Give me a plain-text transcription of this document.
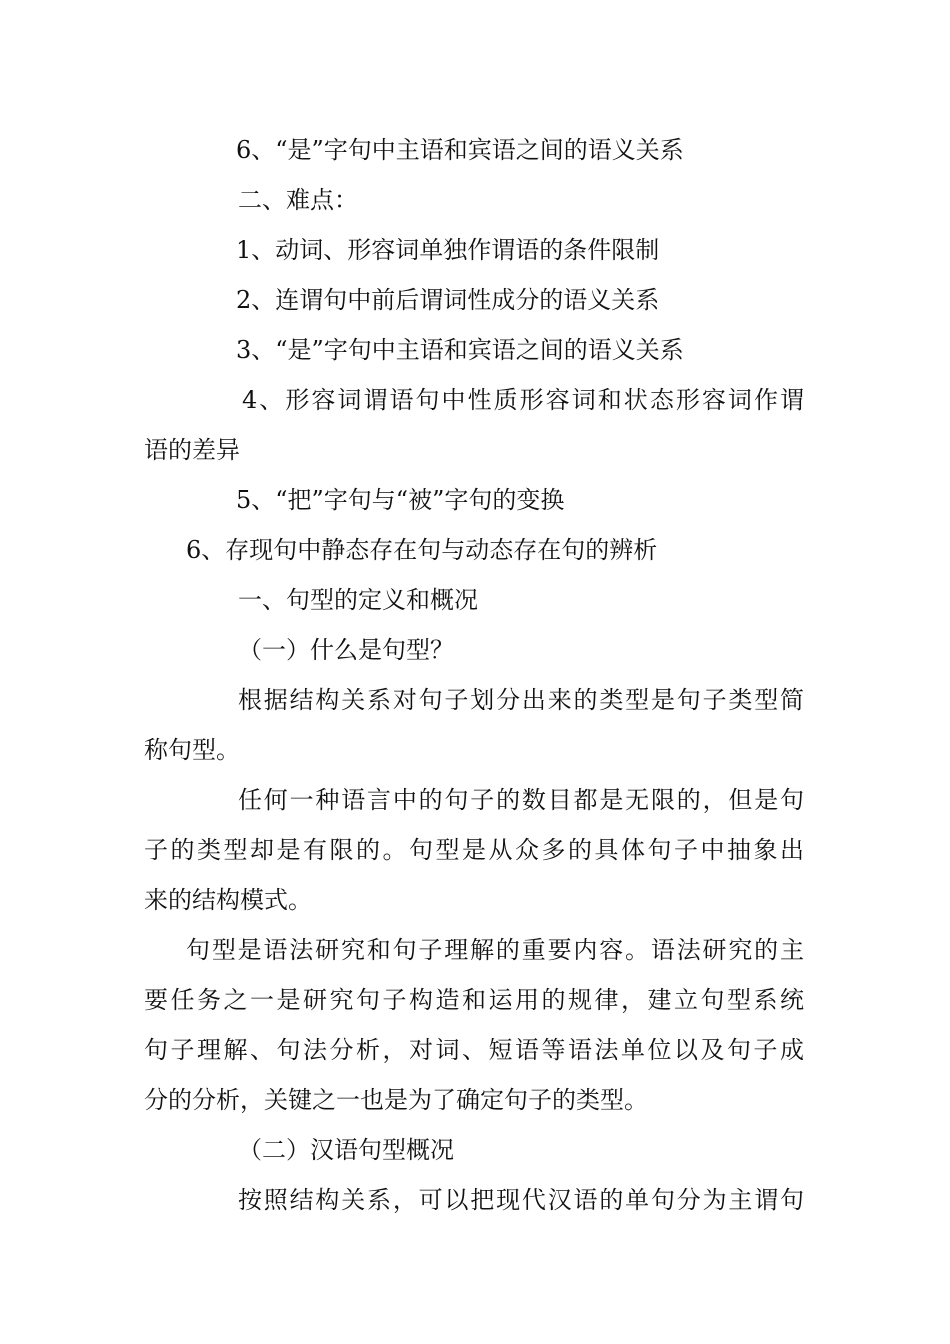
6、“是”字句中主语和宾语之间的语义关系
二、难点：
1、动词、形容词单独作谓语的条件限制
2、连谓句中前后谓词性成分的语义关系
3、“是”字句中主语和宾语之间的语义关系
4、形容词谓语句中性质形容词和状态形容词作谓
语的差异
5、“把”字句与“被”字句的变换
6、存现句中静态存在句与动态存在句的辨析
一、句型的定义和概况
（一）什么是句型？
根据结构关系对句子划分出来的类型是句子类型简
称句型。
任何一种语言中的句子的数目都是无限的，但是句
子的类型却是有限的。句型是从众多的具体句子中抽象出
来的结构模式。
句型是语法研究和句子理解的重要内容。语法研究的主
要任务之一是研究句子构造和运用的规律，建立句型系统
句子理解、句法分析，对词、短语等语法单位以及句子成
分的分析，关键之一也是为了确定句子的类型。
（二）汉语句型概况
按照结构关系，可以把现代汉语的单句分为主谓句
